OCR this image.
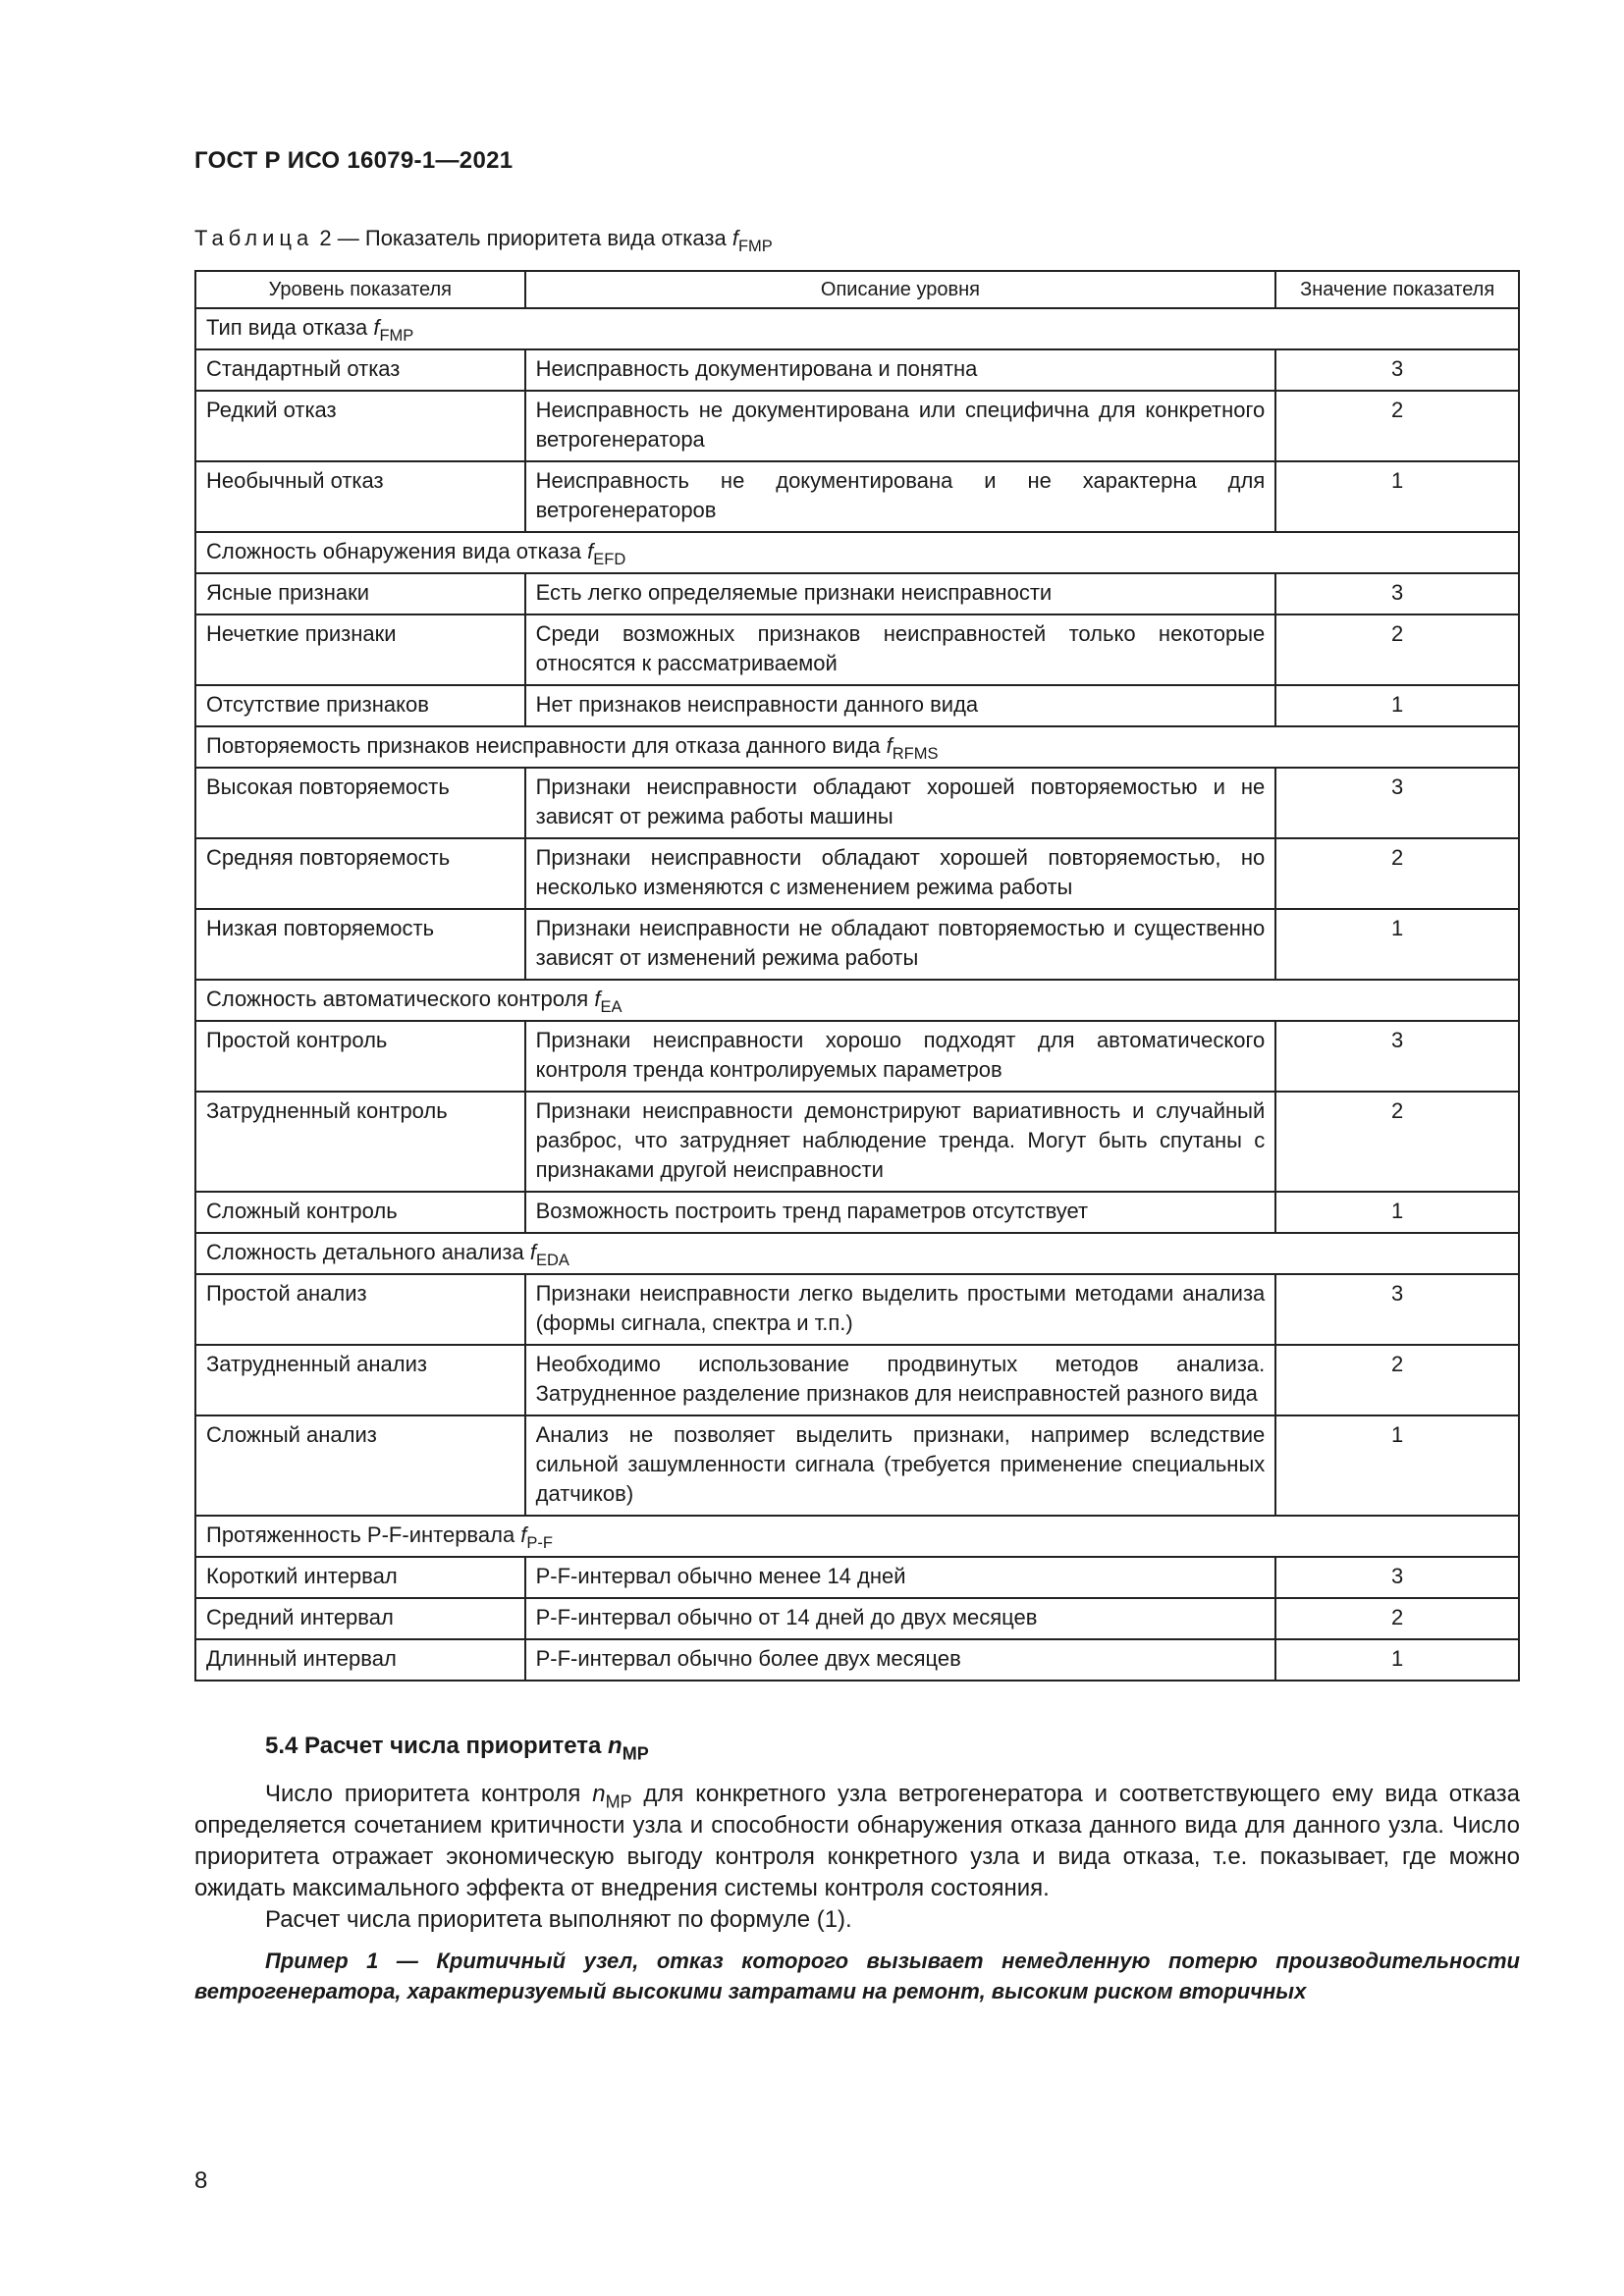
ГОСТ Р ИСО 16079-1—2021
Таблица 2 — Показатель приоритета вида отказа $f_{FMP}$
Уровень показателя	Описание уровня	Значение показателя
Тип вида отказа $f_{FMP}$
Стандартный отказ	Неисправность документирована и понятна	3
Редкий отказ	Неисправность не документирована или специфична для конкретного ветрогенератора	2
Необычный отказ	Неисправность не документирована и не характерна для ветрогенераторов	1
Сложность обнаружения вида отказа $f_{EFD}$
Ясные признаки	Есть легко определяемые признаки неисправности	3
Нечеткие признаки	Среди возможных признаков неисправностей только некоторые относятся к рассматриваемой	2
Отсутствие признаков	Нет признаков неисправности данного вида	1
Повторяемость признаков неисправности для отказа данного вида $f_{RFMS}$
Высокая повторяемость	Признаки неисправности обладают хорошей повторяемостью и не зависят от режима работы машины	3
Средняя повторяемость	Признаки неисправности обладают хорошей повторяемостью, но несколько изменяются с изменением режима работы	2
Низкая повторяемость	Признаки неисправности не обладают повторяемостью и существенно зависят от изменений режима работы	1
Сложность автоматического контроля $f_{EA}$
Простой контроль	Признаки неисправности хорошо подходят для автоматического контроля тренда контролируемых параметров	3
Затрудненный контроль	Признаки неисправности демонстрируют вариативность и случайный разброс, что затрудняет наблюдение тренда. Могут быть спутаны с признаками другой неисправности	2
Сложный контроль	Возможность построить тренд параметров отсутствует	1
Сложность детального анализа $f_{EDA}$
Простой анализ	Признаки неисправности легко выделить простыми методами анализа (формы сигнала, спектра и т.п.)	3
Затрудненный анализ	Необходимо использование продвинутых методов анализа. Затрудненное разделение признаков для неисправностей разного вида	2
Сложный анализ	Анализ не позволяет выделить признаки, например вследствие сильной зашумленности сигнала (требуется применение специальных датчиков)	1
Протяженность P-F-интервала $f_{P-F}$
Короткий интервал	P-F-интервал обычно менее 14 дней	3
Средний интервал	P-F-интервал обычно от 14 дней до двух месяцев	2
Длинный интервал	P-F-интервал обычно более двух месяцев	1
5.4 Расчет числа приоритета $n_{MP}$

Число приоритета контроля $n_{MP}$ для конкретного узла ветрогенератора и соответствующего ему вида отказа определяется сочетанием критичности узла и способности обнаружения отказа данного вида для данного узла. Число приоритета отражает экономическую выгоду контроля конкретного узла и вида отказа, т.е. показывает, где можно ожидать максимального эффекта от внедрения системы контроля состояния.

Расчет числа приоритета выполняют по формуле (1).

Пример 1 — Критичный узел, отказ которого вызывает немедленную потерю производительности ветрогенератора, характеризуемый высокими затратами на ремонт, высоким риском вторичных

8
